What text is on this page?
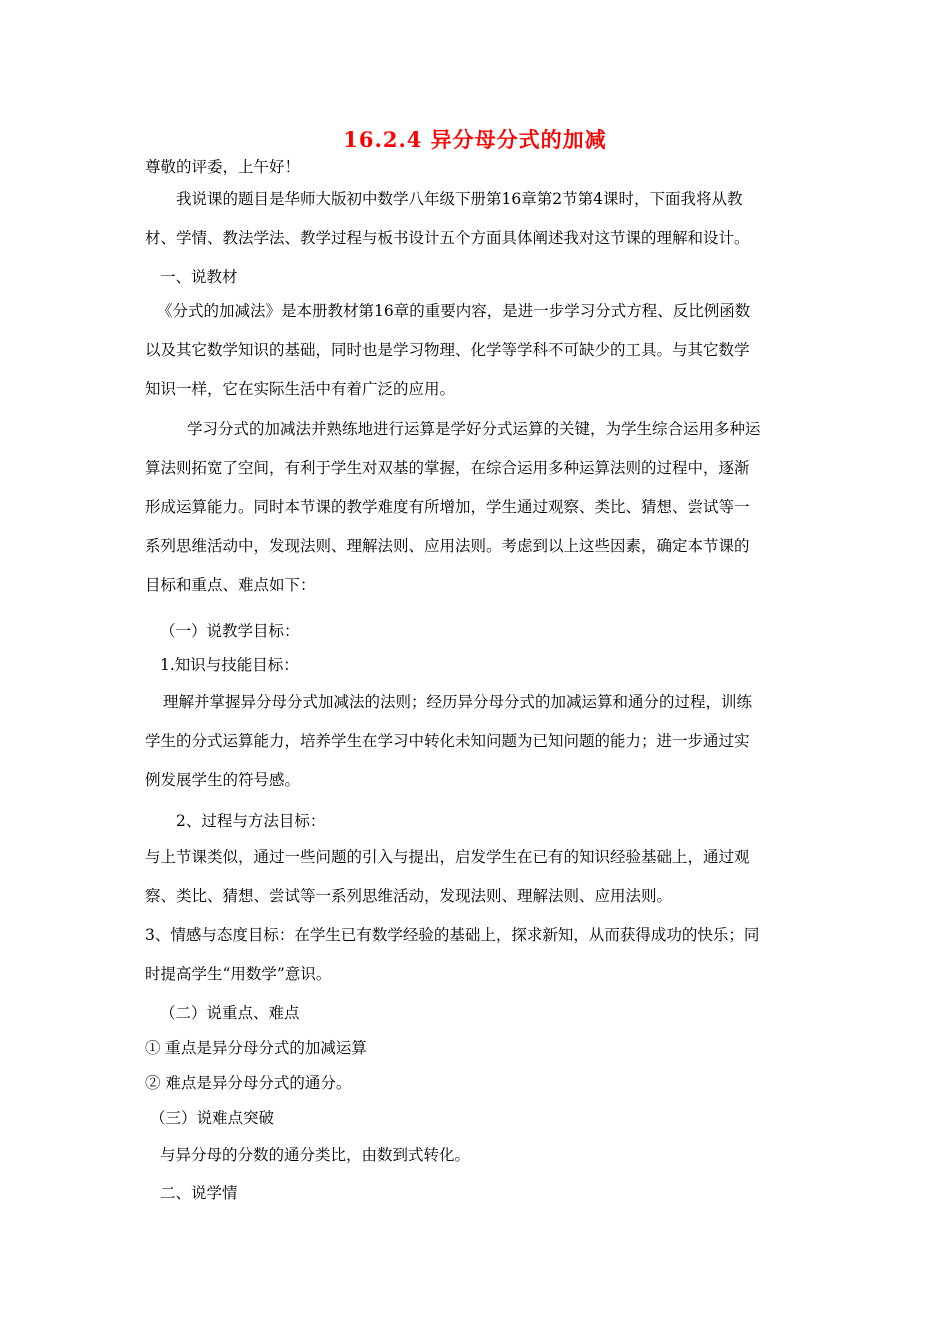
16.2.4 异分母分式的加减
尊敬的评委，上午好！
我说课的题目是华师大版初中数学八年级下册第16章第2节第4课时，下面我将从教
材、学情、教法学法、教学过程与板书设计五个方面具体阐述我对这节课的理解和设计。
一、说教材
《分式的加减法》是本册教材第16章的重要内容，是进一步学习分式方程、反比例函数
以及其它数学知识的基础，同时也是学习物理、化学等学科不可缺少的工具。与其它数学
知识一样，它在实际生活中有着广泛的应用。
学习分式的加减法并熟练地进行运算是学好分式运算的关键，为学生综合运用多种运
算法则拓宽了空间，有利于学生对双基的掌握，在综合运用多种运算法则的过程中，逐渐
形成运算能力。同时本节课的教学难度有所增加，学生通过观察、类比、猜想、尝试等一
系列思维活动中，发现法则、理解法则、应用法则。考虑到以上这些因素，确定本节课的
目标和重点、难点如下：
（一）说教学目标：
1.知识与技能目标：
理解并掌握异分母分式加减法的法则；经历异分母分式的加减运算和通分的过程，训练
学生的分式运算能力，培养学生在学习中转化未知问题为已知问题的能力；进一步通过实
例发展学生的符号感。
2、过程与方法目标：
与上节课类似，通过一些问题的引入与提出，启发学生在已有的知识经验基础上，通过观
察、类比、猜想、尝试等一系列思维活动，发现法则、理解法则、应用法则。
3、情感与态度目标：在学生已有数学经验的基础上，探求新知，从而获得成功的快乐；同
时提高学生“用数学”意识。
（二）说重点、难点
① 重点是异分母分式的加减运算
② 难点是异分母分式的通分。
（三）说难点突破
与异分母的分数的通分类比，由数到式转化。
二、说学情
